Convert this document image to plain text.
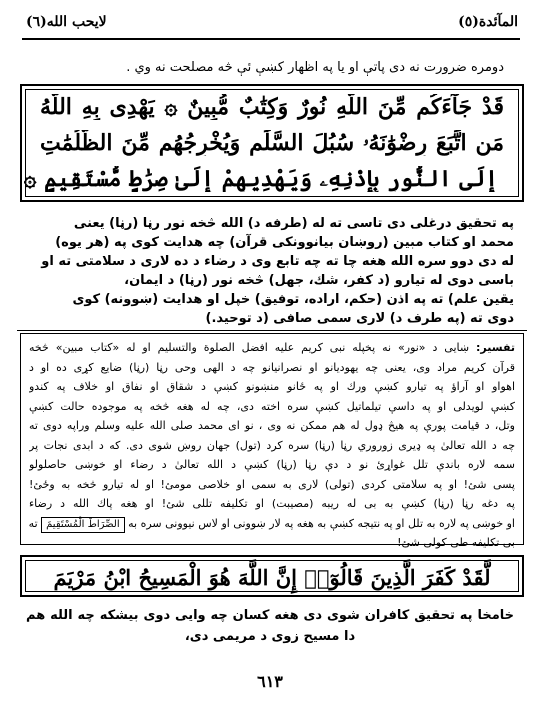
لایحب الله(٦)	المآئدة(٥)
دومره ضرورت نه دی پاتې او يا په اظهار کښې ئې څه مصلحت نه وي .
قَدْ جَآءَكُم مِّنَ اللَّهِ نُورٌ وَكِتَٰبٌ مُّبِينٌ ۞ يَهْدِى بِهِ اللَّهُ
مَنِ اتَّبَعَ رِضْوَٰنَهُۥ سُبُلَ السَّلَٰمِ وَيُخْرِجُهُم مِّنَ الظُّلُمَٰتِ
إِلَى النُّورِ بِإِذْنِهِۦ وَيَهْدِيهِمْ إِلَىٰ صِرَٰطٍ مُّسْتَقِيمٍ ۞
په تحقيق درغلى دى تاسى ته له (طرفه د) الله څخه نور رڼا (رڼا) يعنى
محمد او كتاب مبين (روښان بيانوونكى قرآن) چه هدايت كوى په (هر يوه)
له دى دوو سره الله هغه چا ته چه تابع وى د رضاء د ده لارى د سلامتى ته او
باسى دوى له تيارو (د كفر، شك، جهل) څخه نور (رڼا) د ايمان،
يقين علم) ته په اذن (حكم، اراده، توفيق) خپل او هدايت (ښوونه) كوى
دوى ته (په طرف د) لارى سمى صافى (د توحيد.)
تفسير: ښايى د «نور» نه پخپله نبى كريم عليه افضل الصلوة والتسليم او له «كتاب مبين» څخه
قرآن كريم مراد وى، يعنى چه يهوديانو او نصرانيانو چه د الهى وحى رڼا (رڼا) ضايع كړى ده او د
اهواو او آراؤ په تيارو كښې ورك او په ځانو منښونو كښې د شقاق او نفاق او خلاف په كندو
كښې لويدلى او په داسې تيلماتيل كښې سره اخته دى، چه له هغه څخه په موجوده حالت كښې
وتل، د قيامت پورې په هيڅ ډول له هم ممكن نه وى ، نو اى محمد صلى الله عليه وسلم وراپه دوى ته
چه د الله تعالىٰ په ډيرى زوروري رڼا (رڼا) سره كرد (تول) جهان روښ شوى دى. كه د ابدى نجات پر
سمه لاره باندې تلل غواړئ نو د دې رڼا (رڼا) كښې د الله تعالىٰ د رضاء او خوښى حاصلولو
پسى شئ! او په سلامتى كردى (تولى) لارى به سمى او خلاصى مومئ! او له تيارو څخه به وځئ!
په دغه رڼا (رڼا) كښې به بى له ريبه (مصيبت) او تكليفه تللى شئ! او هغه پاك الله د رضاء
او خوښى په لاره به تلل او په نتيجه كښې به هغه په لار ښوونى او لاس نيوونى سره به الصِّرَاطَ الْمُسْتَقِيمَ ته
بى تكليفه طى كولى شئ!
لَّقَدْ كَفَرَ الَّذِينَ قَالُوٓا۟ إِنَّ اللَّهَ هُوَ الْمَسِيحُ ابْنُ مَرْيَمَ
خامخا په تحقيق كافران شوى دى هغه كسان چه وايى دوى بيشكه چه الله هم
دا مسيح زوى د مريمى دى،
٦١٣
